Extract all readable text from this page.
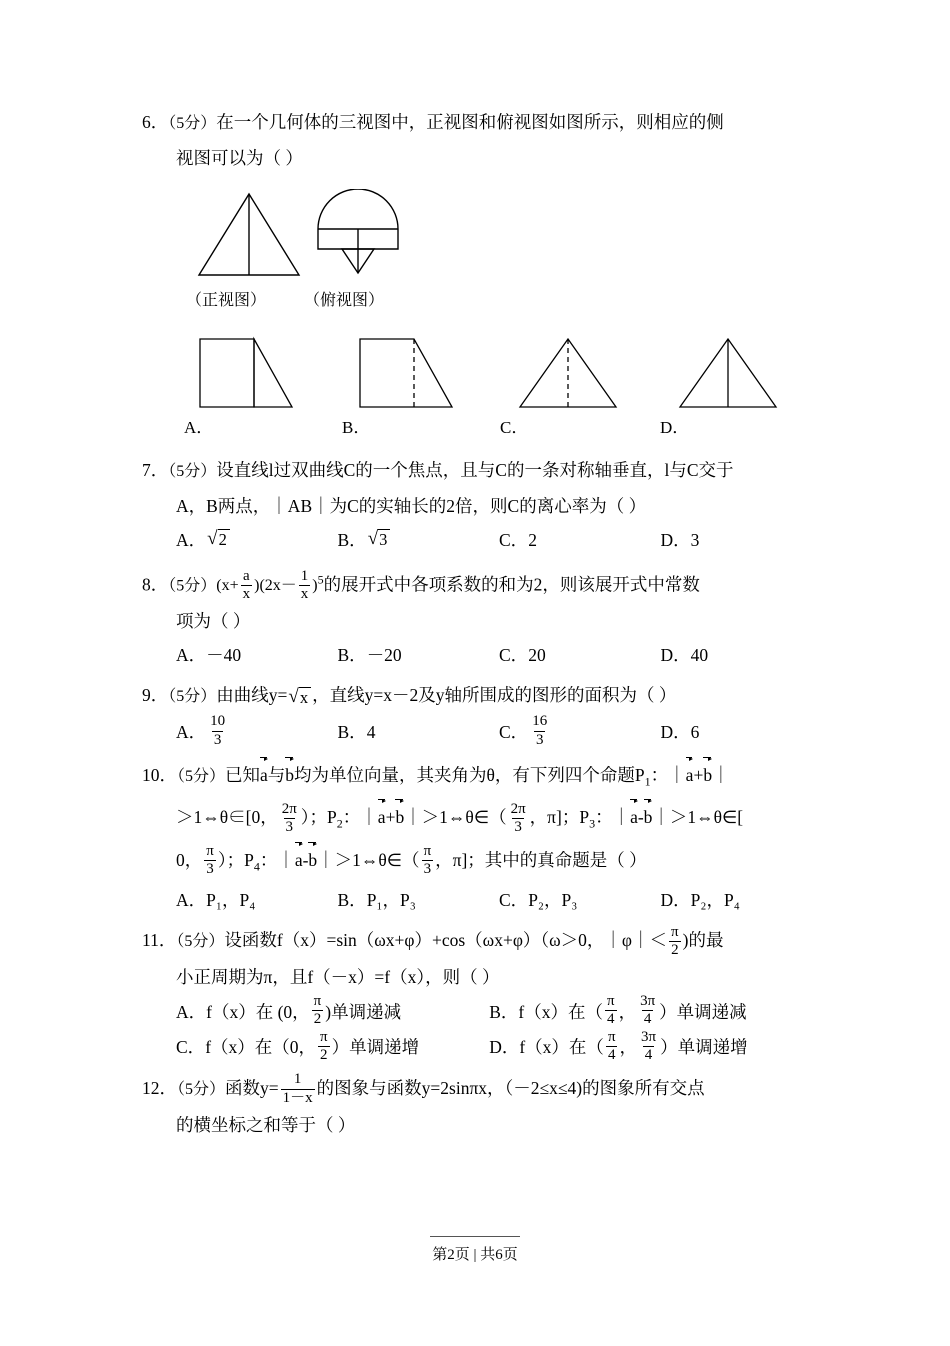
6．（5分）在一个几何体的三视图中，正视图和俯视图如图所示，则相应的侧
视图可以为（ ）
（正视图） （俯视图）
A．	B．	C．	D．
7．（5分）设直线l过双曲线C的一个焦点，且与C的一条对称轴垂直，l与C交于
A，B两点，｜AB｜为C的实轴长的2倍，则C的离心率为（ ）
A． √ 2	B． √ 3	C． 2	D． 3
8．（5分）$(x+ \frac{a}{x} )(2x- \frac{1}{x} )^5$的展开式中各项系数的和为2，则该展开式中常数
项为（ ）
A． －40	B． －20	C． 20	D． 40
9．（5分）由曲线y= √ x ，直线y=x－2及y轴所围成的图形的面积为（ ）
A． $\frac{10}{3}$	B． 4	C． $\frac{16}{3}$	D． 6
10．（5分）已知a与b均为单位向量，其夹角为θ，有下列四个命题$P_1$：｜a+b｜
＞1⇔θ∈[0， $\frac{2\pi}{3}$ ）；$P_2$：｜a+b｜＞1⇔θ∈（ $\frac{2\pi}{3}$ ，π]；$P_3$：｜a-b｜＞1⇔θ∈[
0， $\frac{\pi}{3}$ ）；$P_4$：｜a-b｜＞1⇔θ∈（ $\frac{\pi}{3}$ ，π]；其中的真命题是（ ）
A． P₁，P₄	B． P₁，P₃	C． P₂，P₃	D． P₂，P₄
11．（5分）设函数f（x）=sin（ωx+φ）+cos（ωx+φ）（ω＞0，｜φ｜＜ $\frac{\pi}{2}$ )的最
小正周期为π，且f（－x）=f（x），则（ ）
A． f（x）在 (0， $\frac{\pi}{2}$ )单调递减	B． f（x）在（ $\frac{\pi}{4}$ ， $\frac{3\pi}{4}$ ）单调递减
C． f（x）在（0， $\frac{\pi}{2}$ ）单调递增	D． f（x）在（ $\frac{\pi}{4}$ ， $\frac{3\pi}{4}$ ）单调递增
12．（5分）函数$y= \frac{1}{1-x}$ 的图象与函数y=2sinπx，（－2≤x≤4)的图象所有交点
的横坐标之和等于（ ）
第2页 | 共6页
